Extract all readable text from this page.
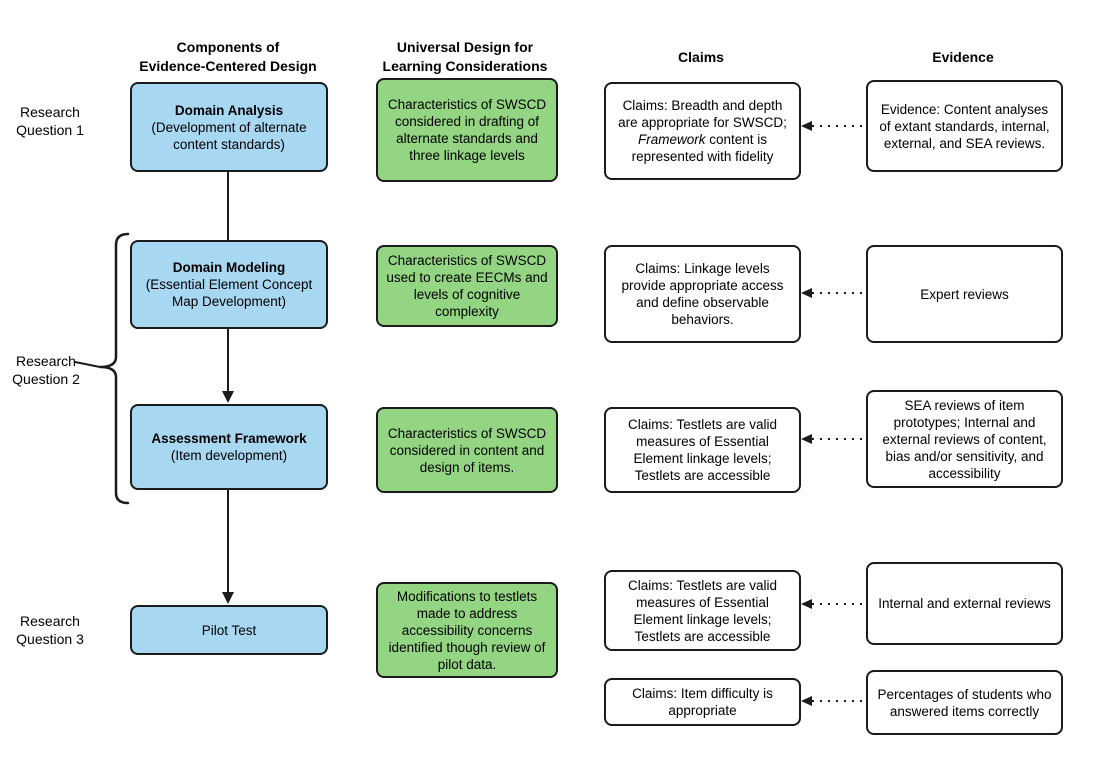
Components of
Evidence-Centered Design
Universal Design for
Learning Considerations
Claims	Evidence
Research
Question 1
Research
Question 2
Research
Question 3
Domain Analysis
(Development of alternate content standards)
Domain Modeling
(Essential Element Concept Map Development)
Assessment Framework
(Item development)
Pilot Test
Characteristics of SWSCD considered in drafting of alternate standards and three linkage levels
Characteristics of SWSCD used to create EECMs and levels of cognitive complexity
Characteristics of SWSCD considered in content and design of items.
Modifications to testlets made to address accessibility concerns identified though review of pilot data.
Claims: Breadth and depth are appropriate for SWSCD; Framework content is represented with fidelity
Claims: Linkage levels provide appropriate access and define observable behaviors.
Claims: Testlets are valid measures of Essential Element linkage levels; Testlets are accessible
Claims: Testlets are valid measures of Essential Element linkage levels; Testlets are accessible
Claims: Item difficulty is appropriate
Evidence: Content analyses of extant standards, internal, external, and SEA reviews.
Expert reviews
SEA reviews of item prototypes; Internal and external reviews of content, bias and/or sensitivity, and accessibility
Internal and external reviews
Percentages of students who answered items correctly
